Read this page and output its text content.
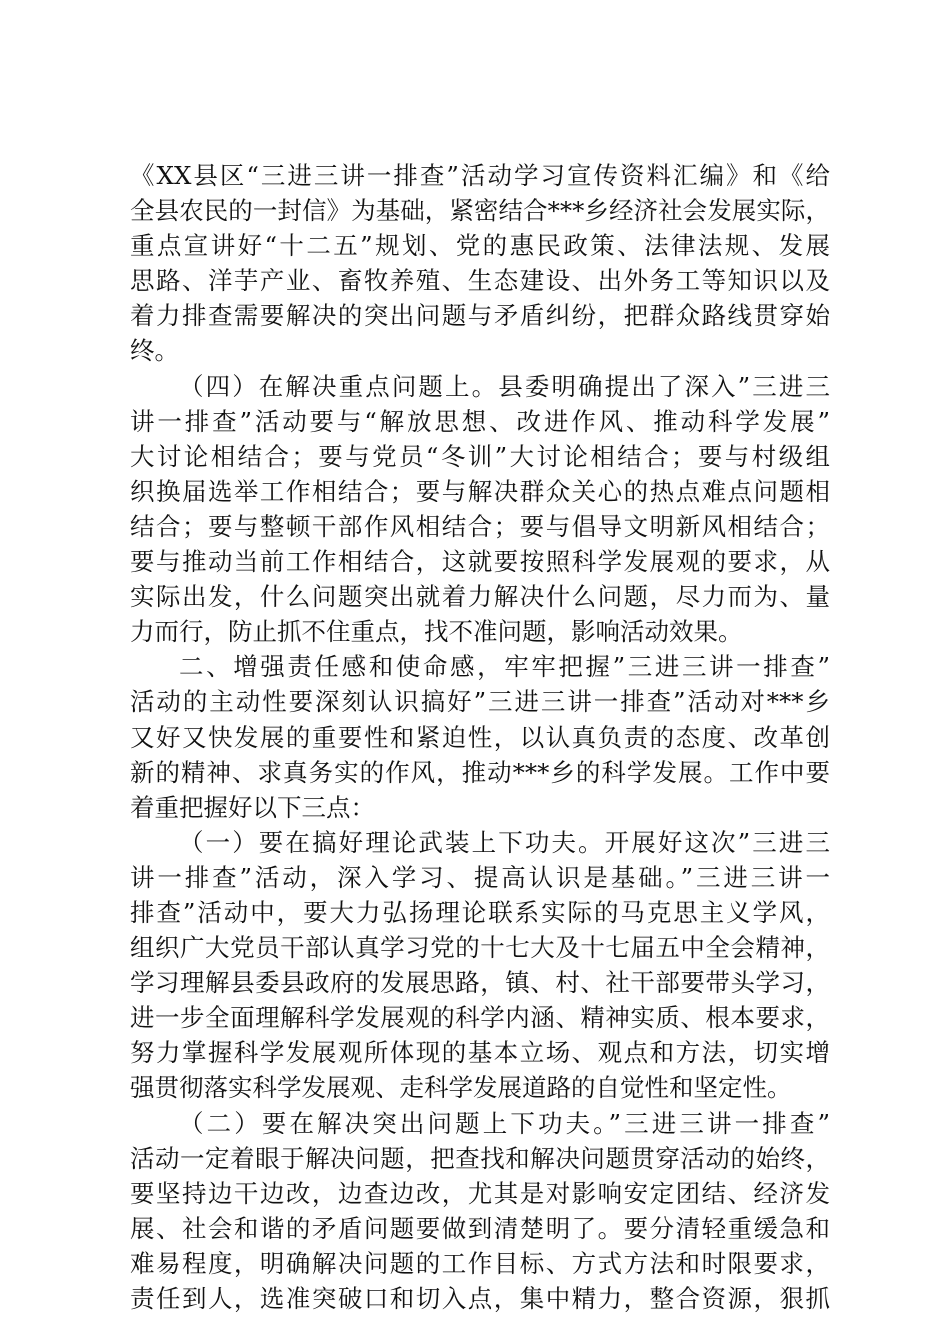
《XX县区“三进三讲一排查”活动学习宣传资料汇编》和《给
全县农民的一封信》为基础，紧密结合***乡经济社会发展实际，
重点宣讲好“十二五”规划、党的惠民政策、法律法规、发展
思路、洋芋产业、畜牧养殖、生态建设、出外务工等知识以及
着力排查需要解决的突出问题与矛盾纠纷，把群众路线贯穿始
终。
（四）在解决重点问题上。县委明确提出了深入”三进三
讲一排查”活动要与“解放思想、改进作风、推动科学发展”
大讨论相结合；要与党员“冬训”大讨论相结合；要与村级组
织换届选举工作相结合；要与解决群众关心的热点难点问题相
结合；要与整顿干部作风相结合；要与倡导文明新风相结合；
要与推动当前工作相结合，这就要按照科学发展观的要求，从
实际出发，什么问题突出就着力解决什么问题，尽力而为、量
力而行，防止抓不住重点，找不准问题，影响活动效果。
二、增强责任感和使命感，牢牢把握”三进三讲一排查”
活动的主动性要深刻认识搞好”三进三讲一排查”活动对***乡
又好又快发展的重要性和紧迫性，以认真负责的态度、改革创
新的精神、求真务实的作风，推动***乡的科学发展。工作中要
着重把握好以下三点：
（一）要在搞好理论武装上下功夫。开展好这次”三进三
讲一排查”活动，深入学习、提高认识是基础。”三进三讲一
排查”活动中，要大力弘扬理论联系实际的马克思主义学风，
组织广大党员干部认真学习党的十七大及十七届五中全会精神，
学习理解县委县政府的发展思路，镇、村、社干部要带头学习，
进一步全面理解科学发展观的科学内涵、精神实质、根本要求，
努力掌握科学发展观所体现的基本立场、观点和方法，切实增
强贯彻落实科学发展观、走科学发展道路的自觉性和坚定性。
（二）要在解决突出问题上下功夫。”三进三讲一排查”
活动一定着眼于解决问题，把查找和解决问题贯穿活动的始终，
要坚持边干边改，边查边改，尤其是对影响安定团结、经济发
展、社会和谐的矛盾问题要做到清楚明了。要分清轻重缓急和
难易程度，明确解决问题的工作目标、方式方法和时限要求，
责任到人，选准突破口和切入点，集中精力，整合资源，狠抓
